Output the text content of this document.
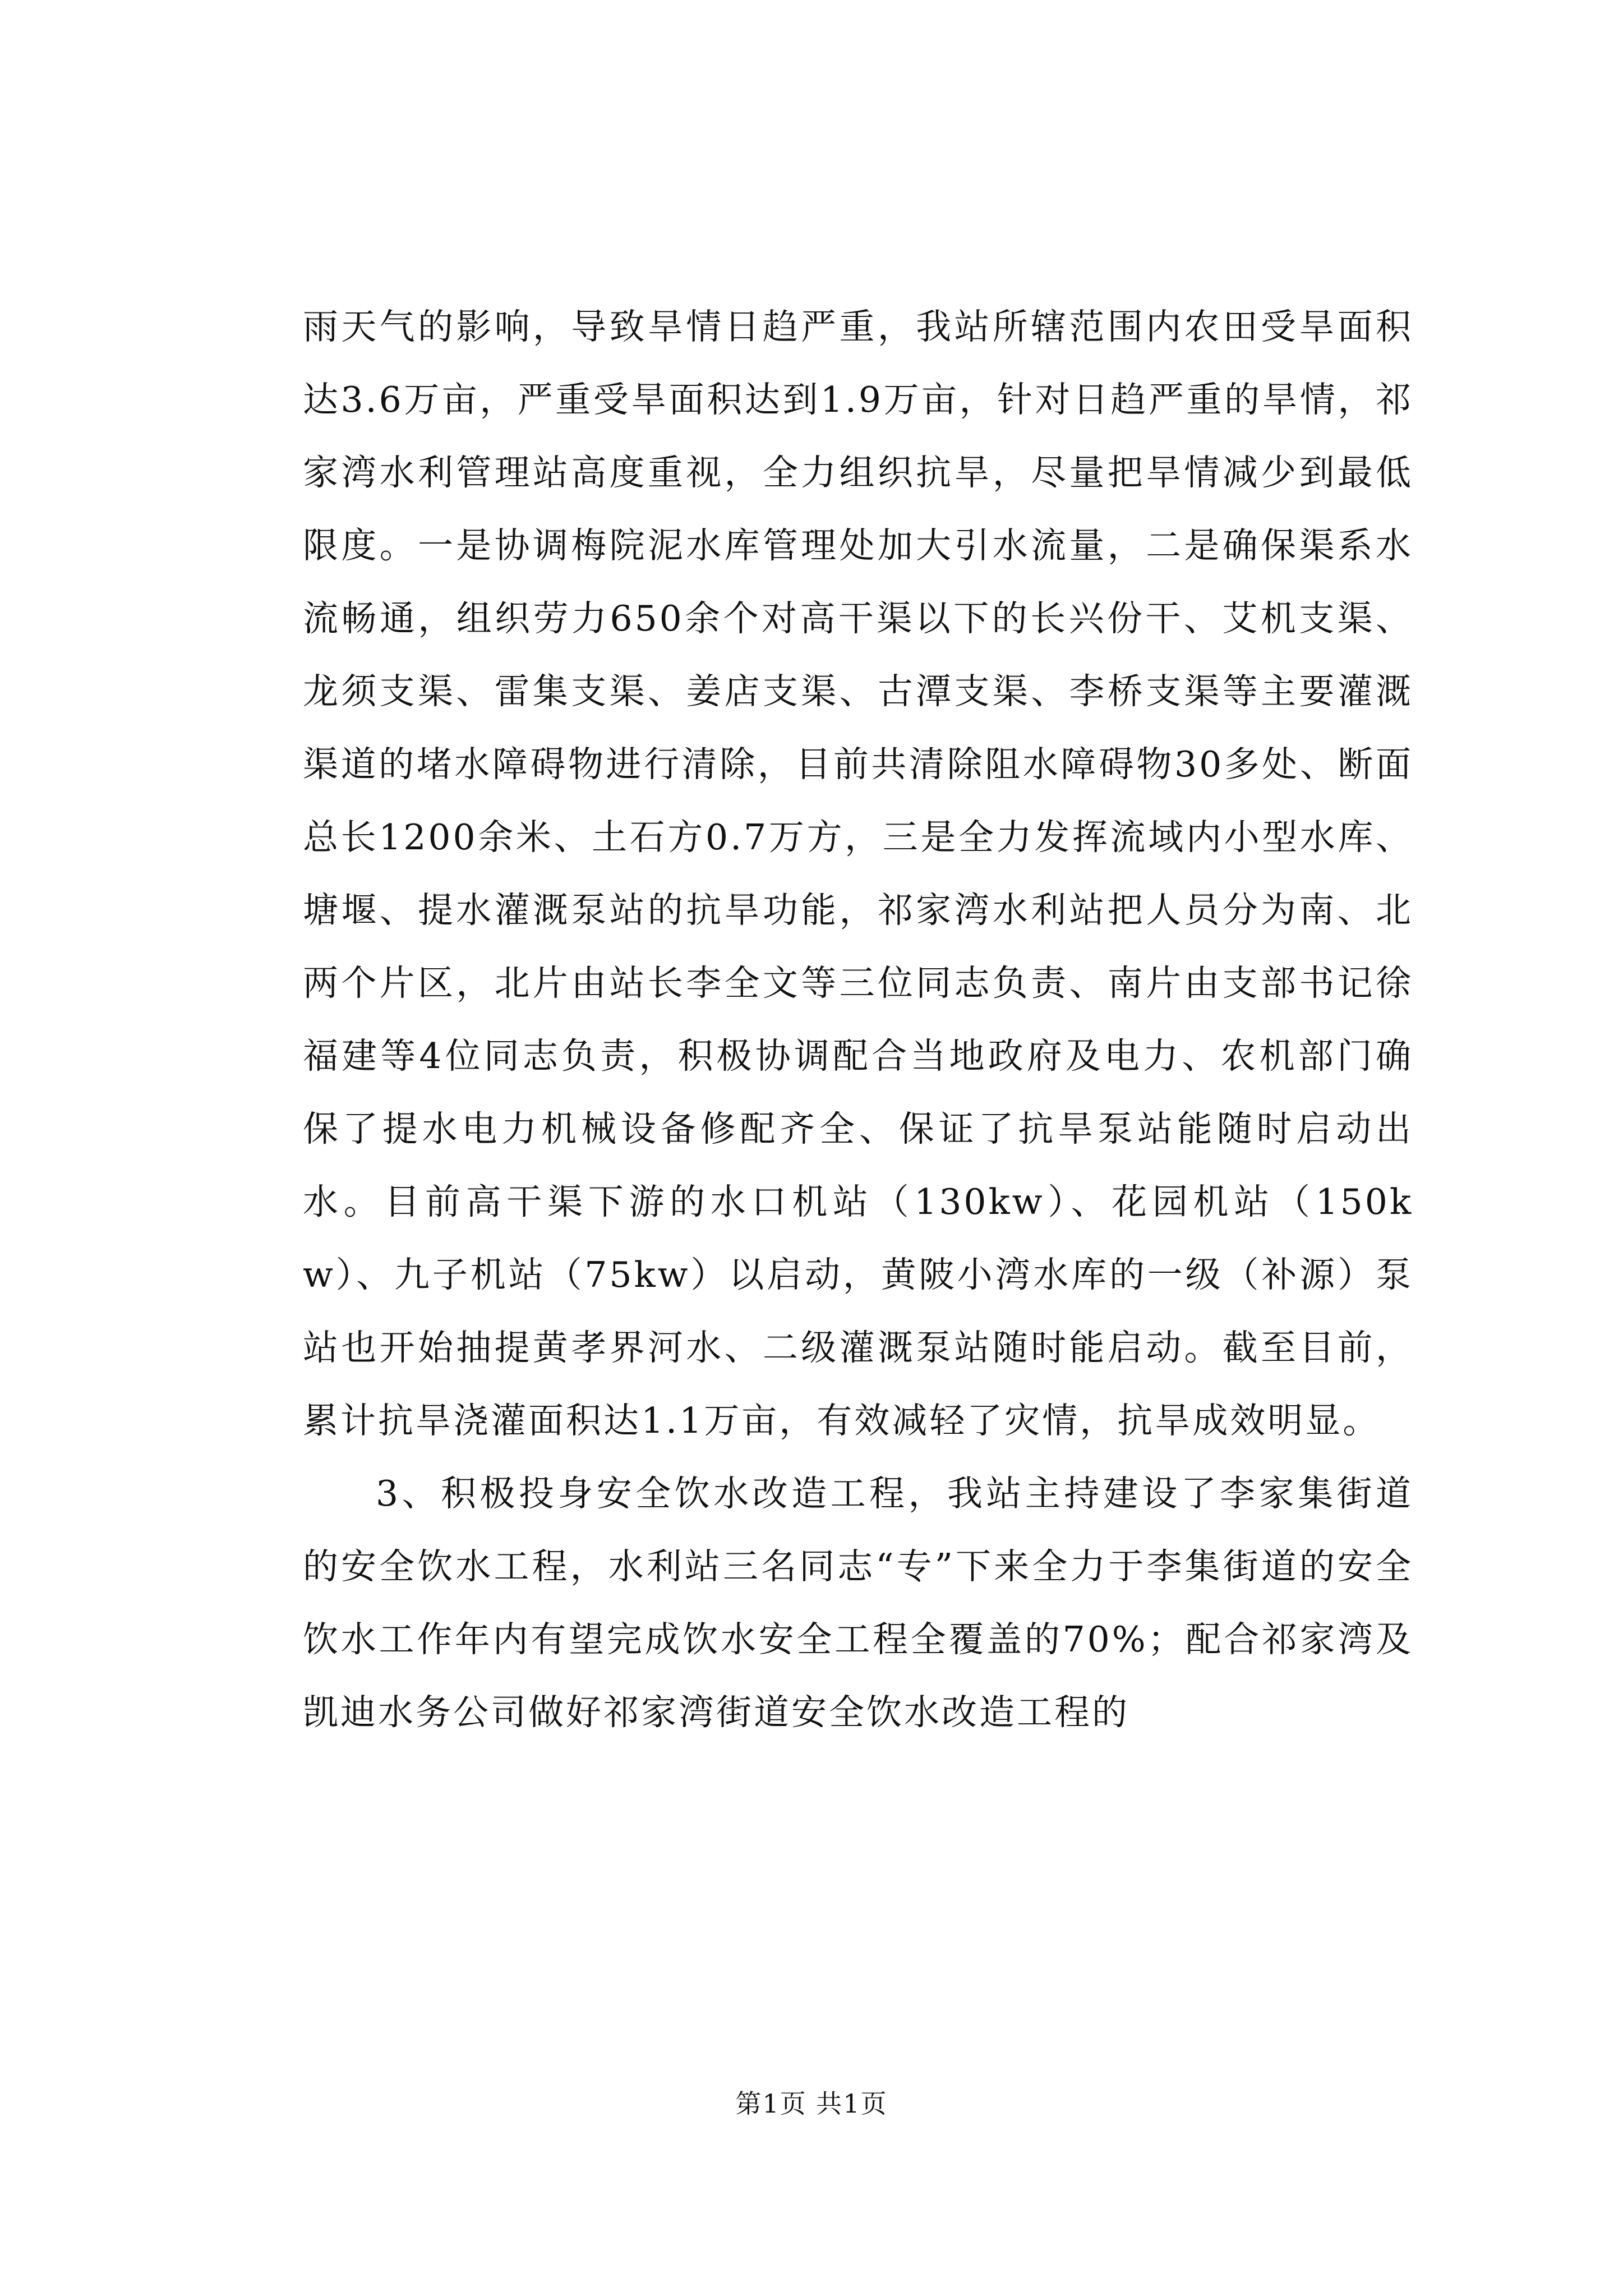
雨天气的影响，导致旱情日趋严重，我站所辖范围内农田受旱面积达3.6万亩，严重受旱面积达到1.9万亩，针对日趋严重的旱情，祁家湾水利管理站高度重视，全力组织抗旱，尽量把旱情减少到最低限度。一是协调梅院泥水库管理处加大引水流量，二是确保渠系水流畅通，组织劳力650余个对高干渠以下的长兴份干、艾机支渠、龙须支渠、雷集支渠、姜店支渠、古潭支渠、李桥支渠等主要灌溉渠道的堵水障碍物进行清除，目前共清除阻水障碍物30多处、断面总长1200余米、土石方0.7万方，三是全力发挥流域内小型水库、塘堰、提水灌溉泵站的抗旱功能，祁家湾水利站把人员分为南、北两个片区，北片由站长李全文等三位同志负责、南片由支部书记徐福建等4位同志负责，积极协调配合当地政府及电力、农机部门确保了提水电力机械设备修配齐全、保证了抗旱泵站能随时启动出水。目前高干渠下游的水口机站（130kw）、花园机站（150kw）、九子机站（75kw）以启动，黄陂小湾水库的一级（补源）泵站也开始抽提黄孝界河水、二级灌溉泵站随时能启动。截至目前，累计抗旱浇灌面积达1.1万亩，有效减轻了灾情，抗旱成效明显。

3、积极投身安全饮水改造工程，我站主持建设了李家集街道的安全饮水工程，水利站三名同志“专”下来全力于李集街道的安全饮水工作年内有望完成饮水安全工程全覆盖的70%；配合祁家湾及凯迪水务公司做好祁家湾街道安全饮水改造工程的

第1页 共1页
